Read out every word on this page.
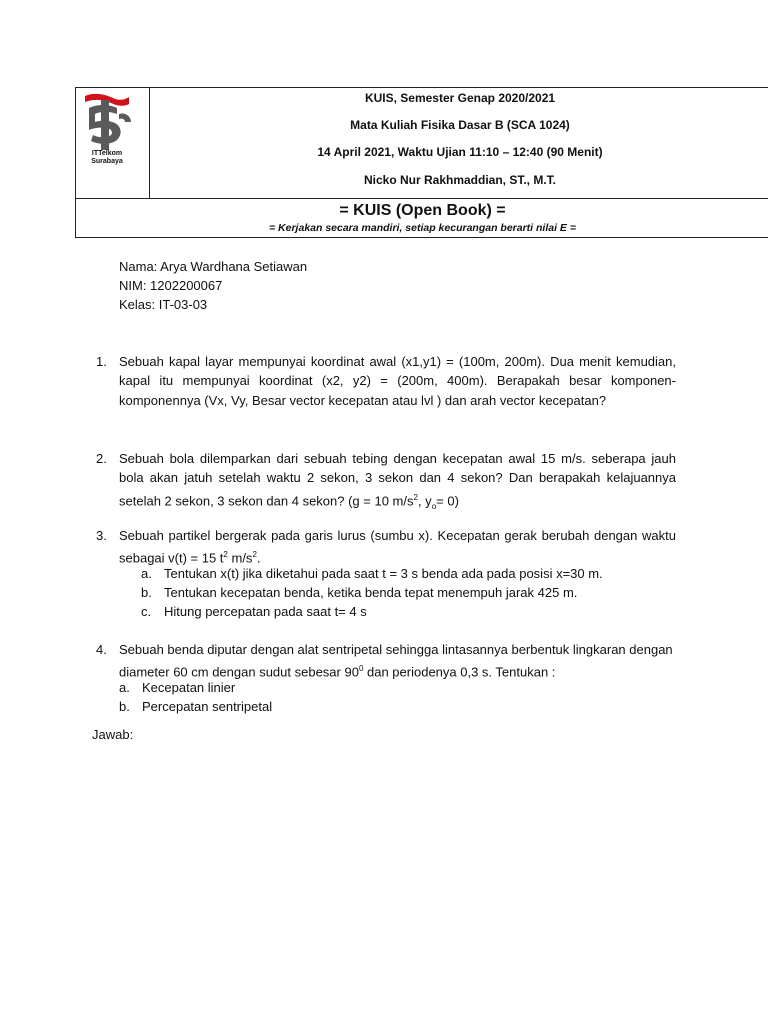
ITTelkom
Surabaya
KUIS, Semester Genap 2020/2021
Mata Kuliah Fisika Dasar B (SCA 1024)
14 April 2021, Waktu Ujian 11:10 – 12:40 (90 Menit)
Nicko Nur Rakhmaddian, ST., M.T.
= KUIS (Open Book) =
= Kerjakan secara mandiri, setiap kecurangan berarti nilai E =
Nama: Arya Wardhana Setiawan
NIM: 1202200067
Kelas: IT-03-03
1. Sebuah kapal layar mempunyai koordinat awal (x1,y1) = (100m, 200m). Dua menit kemudian, kapal itu mempunyai koordinat (x2, y2) = (200m, 400m). Berapakah besar komponen-komponennya (Vx, Vy, Besar vector kecepatan atau lvl ) dan arah vector kecepatan?
2. Sebuah bola dilemparkan dari sebuah tebing dengan kecepatan awal 15 m/s. seberapa jauh bola akan jatuh setelah waktu 2 sekon, 3 sekon dan 4 sekon? Dan berapakah kelajuannya setelah 2 sekon, 3 sekon dan 4 sekon? (g = 10 $m/s^2$, $y_o= 0$)
3. Sebuah partikel bergerak pada garis lurus (sumbu x). Kecepatan gerak berubah dengan waktu sebagai v(t) = 15 $t^2$ $m/s^2$.
a. Tentukan x(t) jika diketahui pada saat t = 3 s benda ada pada posisi x=30 m.
b. Tentukan kecepatan benda, ketika benda tepat menempuh jarak 425 m.
c. Hitung percepatan pada saat t= 4 s
4. Sebuah benda diputar dengan alat sentripetal sehingga lintasannya berbentuk lingkaran dengan diameter 60 cm dengan sudut sebesar $90^0$ dan periodenya 0,3 s. Tentukan :
a. Kecepatan linier
b. Percepatan sentripetal
Jawab:
